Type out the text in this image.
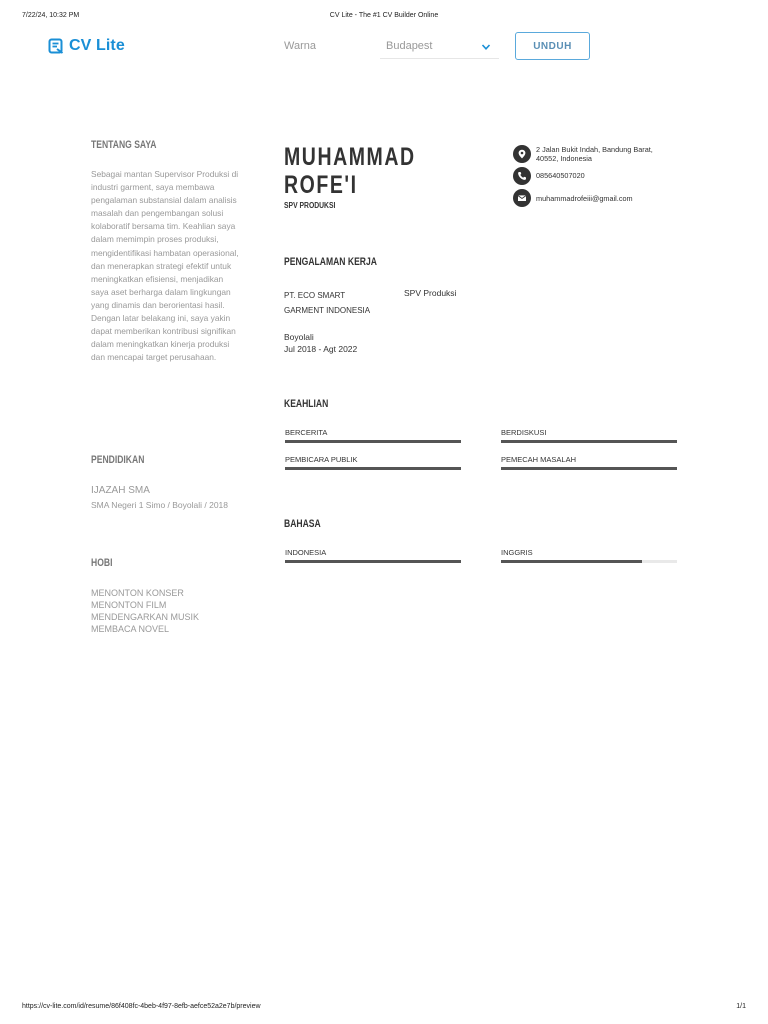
7/22/24, 10:32 PM	CV Lite - The #1 CV Builder Online
https://cv-lite.com/id/resume/86f408fc-4beb-4f97-8efb-aefce52a2e7b/preview	1/1
CV Lite	Warna	Budapest	UNDUH
TENTANG SAYA
Sebagai mantan Supervisor Produksi di industri garment, saya membawa pengalaman substansial dalam analisis masalah dan pengembangan solusi kolaboratif bersama tim. Keahlian saya dalam memimpin proses produksi, mengidentifikasi hambatan operasional, dan menerapkan strategi efektif untuk meningkatkan efisiensi, menjadikan saya aset berharga dalam lingkungan yang dinamis dan berorientasi hasil. Dengan latar belakang ini, saya yakin dapat memberikan kontribusi signifikan dalam meningkatkan kinerja produksi dan mencapai target perusahaan.
PENDIDIKAN
IJAZAH SMA
SMA Negeri 1 Simo / Boyolali / 2018
HOBI
MENONTON KONSER
MENONTON FILM
MENDENGARKAN MUSIK
MEMBACA NOVEL
MUHAMMAD
ROFE'I
SPV PRODUKSI
2 Jalan Bukit Indah, Bandung Barat, 40552, Indonesia
085640507020
muhammadrofeiii@gmail.com
PENGALAMAN KERJA
PT. ECO SMART GARMENT INDONESIA
SPV Produksi
Boyolali
Jul 2018 - Agt 2022
KEAHLIAN
BERCERITA	BERDISKUSI
PEMBICARA PUBLIK	PEMECAH MASALAH
BAHASA
INDONESIA	INGGRIS
